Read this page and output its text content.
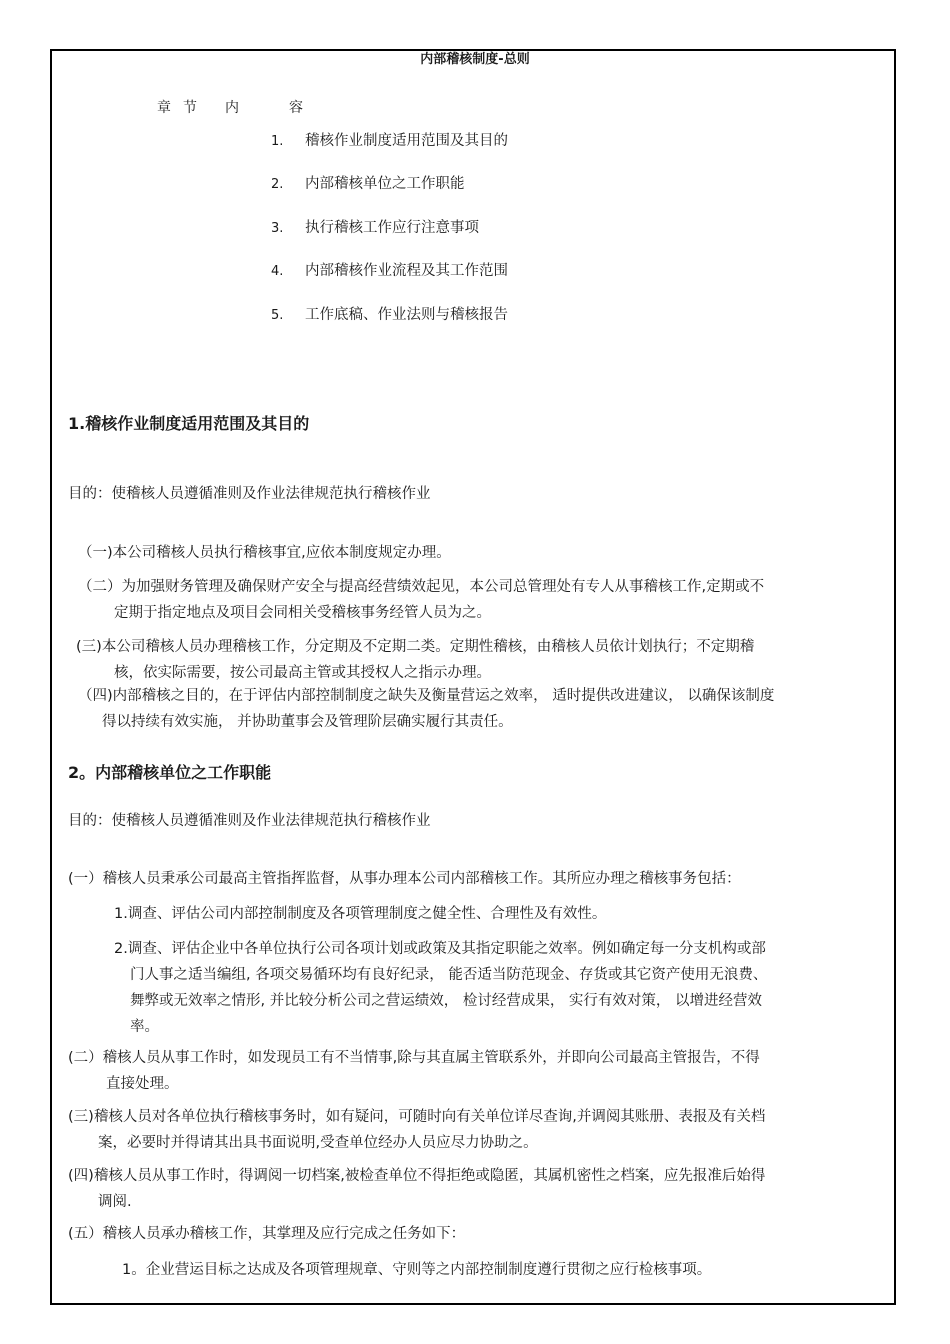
内部稽核制度-总则
章 节 内	容
1. 稽核作业制度适用范围及其目的
2. 内部稽核单位之工作职能
3. 执行稽核工作应行注意事项
4. 内部稽核作业流程及其工作范围
5. 工作底稿、作业法则与稽核报告
1.稽核作业制度适用范围及其目的
目的：使稽核人员遵循准则及作业法律规范执行稽核作业
（一)本公司稽核人员执行稽核事宜,应依本制度规定办理。
（二）为加强财务管理及确保财产安全与提高经营绩效起见，本公司总管理处有专人从事稽核工作,定期或不
定期于指定地点及项目会同相关受稽核事务经管人员为之。
(三)本公司稽核人员办理稽核工作，分定期及不定期二类。定期性稽核，由稽核人员依计划执行；不定期稽
核，依实际需要，按公司最高主管或其授权人之指示办理。
（四)内部稽核之目的，在于评估内部控制制度之缺失及衡量营运之效率， 适时提供改进建议， 以确保该制度
得以持续有效实施， 并协助董事会及管理阶层确实履行其责任。
2。内部稽核单位之工作职能
目的：使稽核人员遵循准则及作业法律规范执行稽核作业
(一）稽核人员秉承公司最高主管指挥监督，从事办理本公司内部稽核工作。其所应办理之稽核事务包括：
1.调查、评估公司内部控制制度及各项管理制度之健全性、合理性及有效性。
2.调查、评估企业中各单位执行公司各项计划或政策及其指定职能之效率。例如确定每一分支机构或部
门人事之适当编组, 各项交易循环均有良好纪录， 能否适当防范现金、存货或其它资产使用无浪费、
舞弊或无效率之情形, 并比较分析公司之营运绩效， 检讨经营成果， 实行有效对策， 以增进经营效
率。
(二）稽核人员从事工作时，如发现员工有不当情事,除与其直属主管联系外，并即向公司最高主管报告，不得
直接处理。
(三)稽核人员对各单位执行稽核事务时，如有疑问，可随时向有关单位详尽查询,并调阅其账册、表报及有关档
案，必要时并得请其出具书面说明,受查单位经办人员应尽力协助之。
(四)稽核人员从事工作时，得调阅一切档案,被检查单位不得拒绝或隐匿，其属机密性之档案，应先报准后始得
调阅.
(五）稽核人员承办稽核工作，其掌理及应行完成之任务如下：
1。企业营运目标之达成及各项管理规章、守则等之内部控制制度遵行贯彻之应行检核事项。
